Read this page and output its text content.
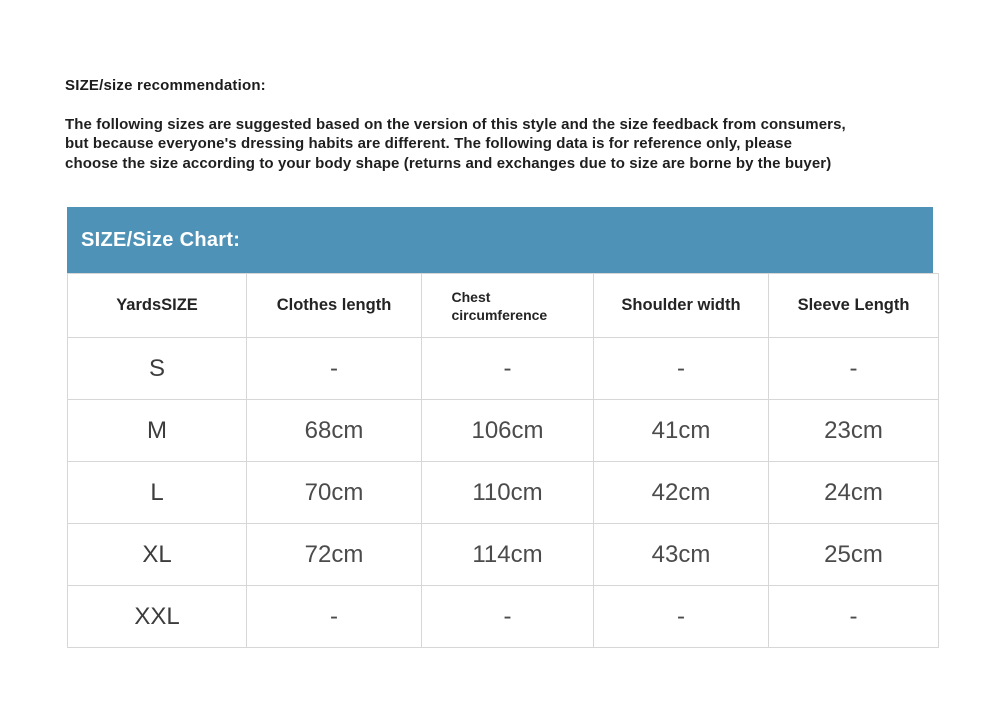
SIZE/size recommendation:
The following sizes are suggested based on the version of this style and the size feedback from consumers,
but because everyone's dressing habits are different. The following data is for reference only, please
choose the size according to your body shape (returns and exchanges due to size are borne by the buyer)
SIZE/Size Chart:
YardsSIZE	Clothes length	Chest circumference	Shoulder width	Sleeve Length
S	-	-	-	-
M	68cm	106cm	41cm	23cm
L	70cm	110cm	42cm	24cm
XL	72cm	114cm	43cm	25cm
XXL	-	-	-	-
